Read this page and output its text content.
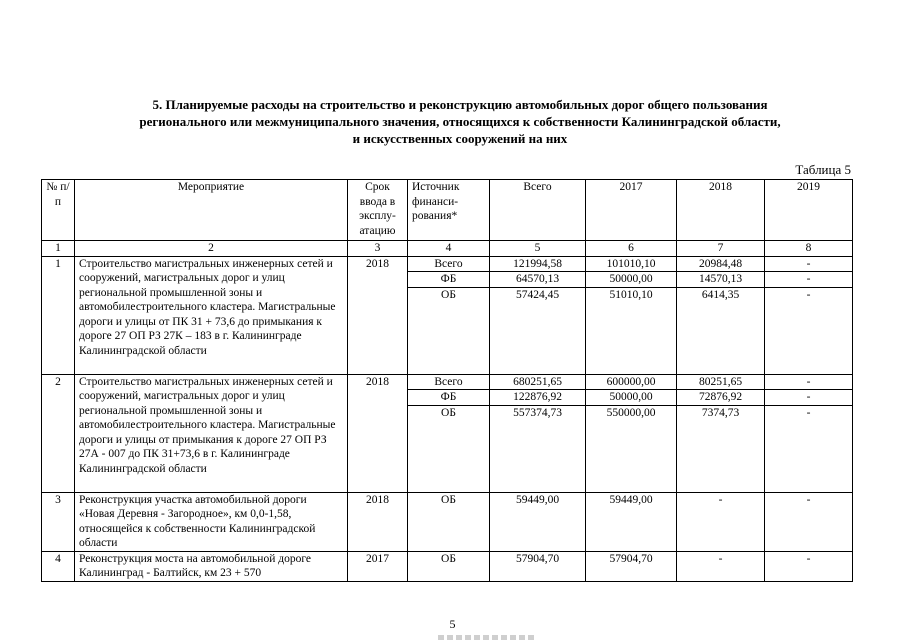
5. Планируемые расходы на строительство и реконструкцию автомобильных дорог общего пользования
регионального или межмуниципального значения, относящихся к собственности Калининградской области,
и искусственных сооружений на них
Таблица 5
№ п/п	Мероприятие	Срок ввода в эксплу-атацию	Источник финанси-рования*	Всего	2017	2018	2019
1	2	3	4	5	6	7	8
1	Строительство магистральных инженерных сетей и сооружений, магистральных дорог и улиц региональной промышленной зоны и автомобилестроительного кластера. Магистральные дороги и улицы от ПК 31 + 73,6 до примыкания к дороге 27 ОП РЗ 27К – 183 в г. Калининграде Калининградской области	2018	Всего	121994,58	101010,10	20984,48	-
			ФБ	64570,13	50000,00	14570,13	-
			ОБ	57424,45	51010,10	6414,35	-
2	Строительство магистральных инженерных сетей и сооружений, магистральных дорог и улиц региональной промышленной зоны и автомобилестроительного кластера. Магистральные дороги и улицы от примыкания к дороге 27 ОП РЗ 27А - 007 до ПК 31+73,6 в г. Калининграде Калининградской области	2018	Всего	680251,65	600000,00	80251,65	-
			ФБ	122876,92	50000,00	72876,92	-
			ОБ	557374,73	550000,00	7374,73	-
3	Реконструкция участка автомобильной дороги «Новая Деревня - Загородное», км 0,0-1,58, относящейся к собственности Калининградской области	2018	ОБ	59449,00	59449,00	-	-
4	Реконструкция моста на автомобильной дороге Калининград - Балтийск, км 23 + 570	2017	ОБ	57904,70	57904,70	-	-
5
